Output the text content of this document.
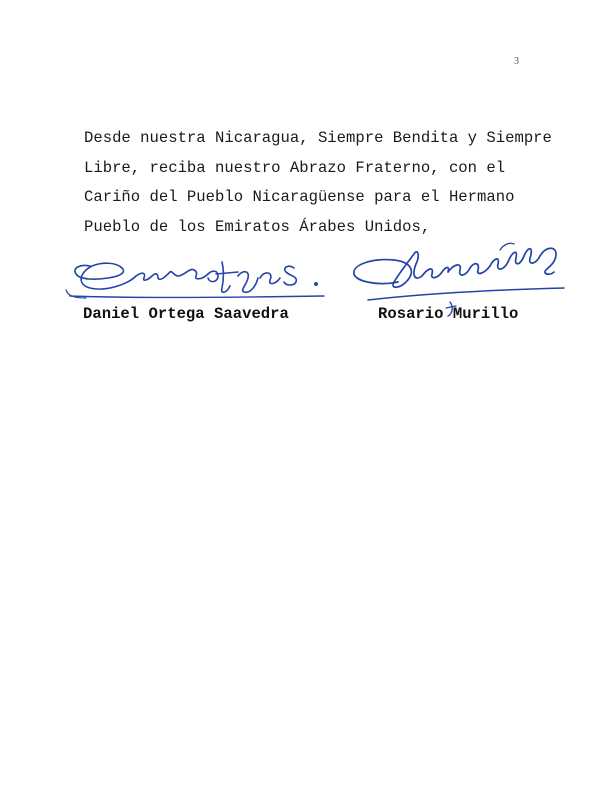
3
Desde nuestra Nicaragua, Siempre Bendita y Siempre
Libre, reciba nuestro Abrazo Fraterno, con el
Cariño del Pueblo Nicaragüense para el Hermano
Pueblo de los Emiratos Árabes Unidos,
Daniel Ortega Saavedra	Rosario Murillo
